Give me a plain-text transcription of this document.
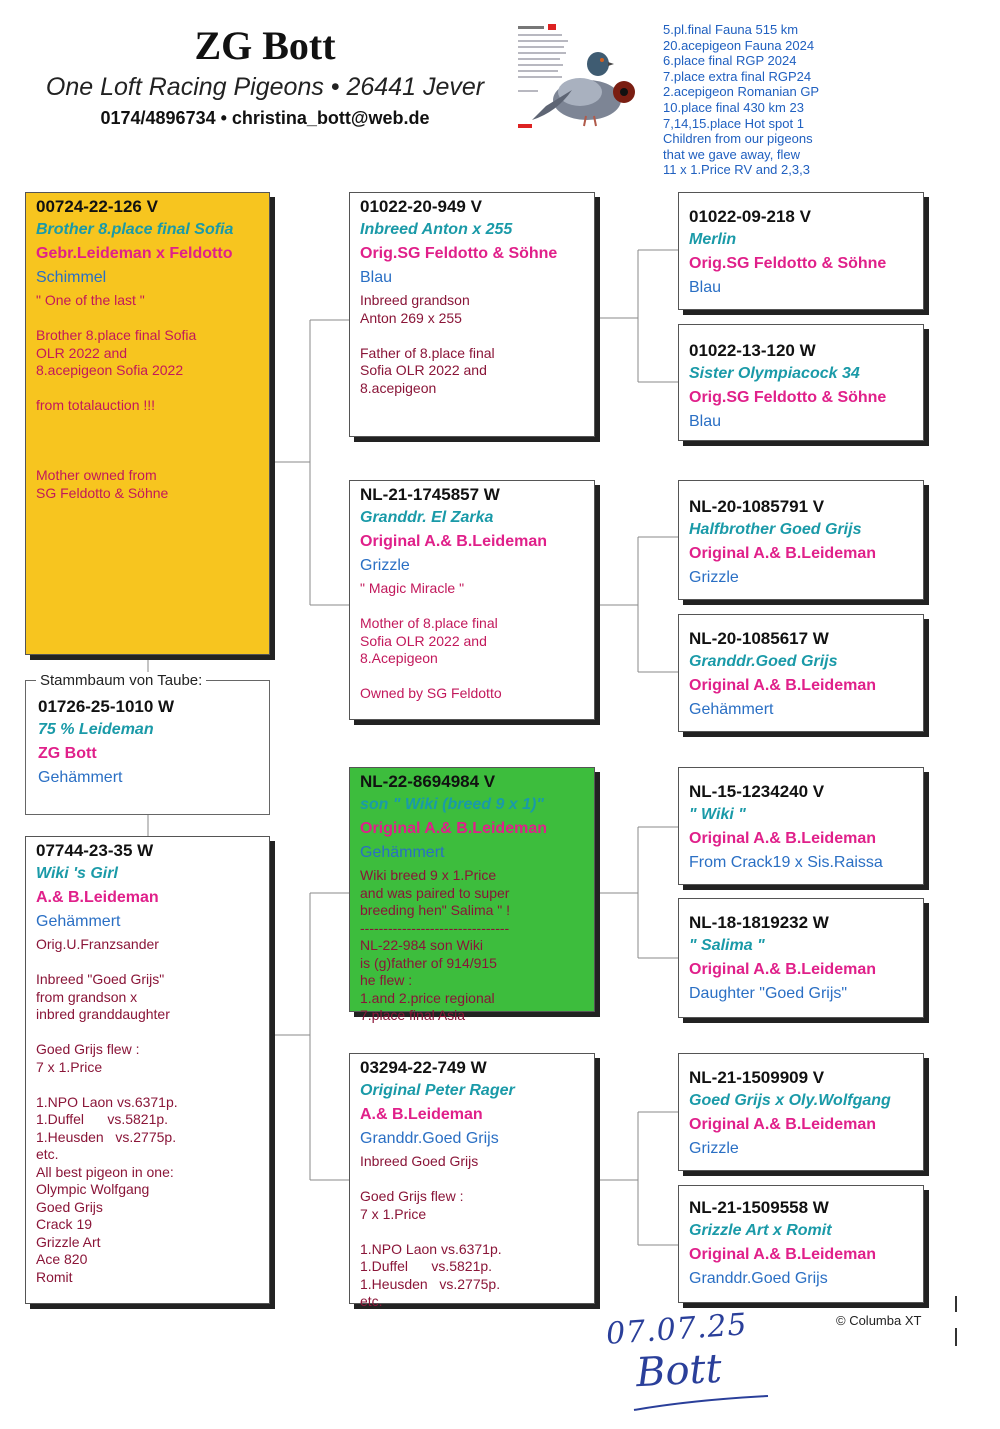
ZG Bott
One Loft Racing Pigeons • 26441 Jever
0174/4896734 • christina_bott@web.de
5.pl.final Fauna 515 km
20.acepigeon Fauna 2024
6.place final RGP 2024
7.place extra final RGP24
2.acepigeon Romanian GP
10.place final 430 km 23
7,14,15.place Hot spot 1
Children from our pigeons
that we gave away, flew
11 x 1.Price RV and 2,3,3
00724-22-126 V
Brother 8.place final Sofia
Gebr.Leideman x Feldotto
Schimmel
" One of the last "

Brother 8.place final Sofia
OLR 2022 and
8.acepigeon Sofia 2022

from totalauction !!!

Mother owned from
SG Feldotto & Söhne
01726-25-1010 W
75 % Leideman
ZG Bott
Gehämmert
Stammbaum von Taube:
07744-23-35 W
Wiki 's Girl
A.& B.Leideman
Gehämmert
Orig.U.Franzsander

Inbreed "Goed Grijs"
from grandson x
inbred granddaughter

Goed Grijs flew :
7 x 1.Price

1.NPO Laon vs.6371p.
1.Duffel      vs.5821p.
1.Heusden   vs.2775p.
etc.
All best pigeon in one:
Olympic Wolfgang
Goed Grijs
Crack 19
Grizzle Art
Ace 820
Romit
01022-20-949 V
Inbreed Anton x 255
Orig.SG Feldotto & Söhne
Blau
Inbreed grandson
Anton 269 x 255

Father of 8.place final
Sofia OLR 2022 and
8.acepigeon
NL-21-1745857 W
Granddr. El Zarka
Original A.& B.Leideman
Grizzle
" Magic Miracle "

Mother of 8.place final
Sofia OLR 2022 and
8.Acepigeon

Owned by SG Feldotto
NL-22-8694984 V
son " Wiki (breed 9 x 1)"
Original A.& B.Leideman
Gehämmert
Wiki breed 9 x 1.Price
and was paired to super
breeding hen" Salima " !
--------------------------------
NL-22-984 son Wiki
is (g)father of 914/915
he flew :
1.and 2.price regional
7.place final Asia
03294-22-749 W
Original Peter Rager
A.& B.Leideman
Granddr.Goed Grijs
Inbreed Goed Grijs

Goed Grijs flew :
7 x 1.Price

1.NPO Laon vs.6371p.
1.Duffel      vs.5821p.
1.Heusden   vs.2775p.
etc.
01022-09-218 V
Merlin
Orig.SG Feldotto & Söhne
Blau
01022-13-120 W
Sister Olympiacock 34
Orig.SG Feldotto & Söhne
Blau
NL-20-1085791 V
Halfbrother Goed Grijs
Original A.& B.Leideman
Grizzle
NL-20-1085617 W
Granddr.Goed Grijs
Original A.& B.Leideman
Gehämmert
NL-15-1234240 V
" Wiki "
Original A.& B.Leideman
From Crack19 x Sis.Raissa
NL-18-1819232 W
" Salima "
Original A.& B.Leideman
Daughter "Goed Grijs"
NL-21-1509909 V
Goed Grijs x Oly.Wolfgang
Original A.& B.Leideman
Grizzle
NL-21-1509558 W
Grizzle Art x Romit
Original A.& B.Leideman
Granddr.Goed Grijs
© Columba XT
07.07.25
Bott
